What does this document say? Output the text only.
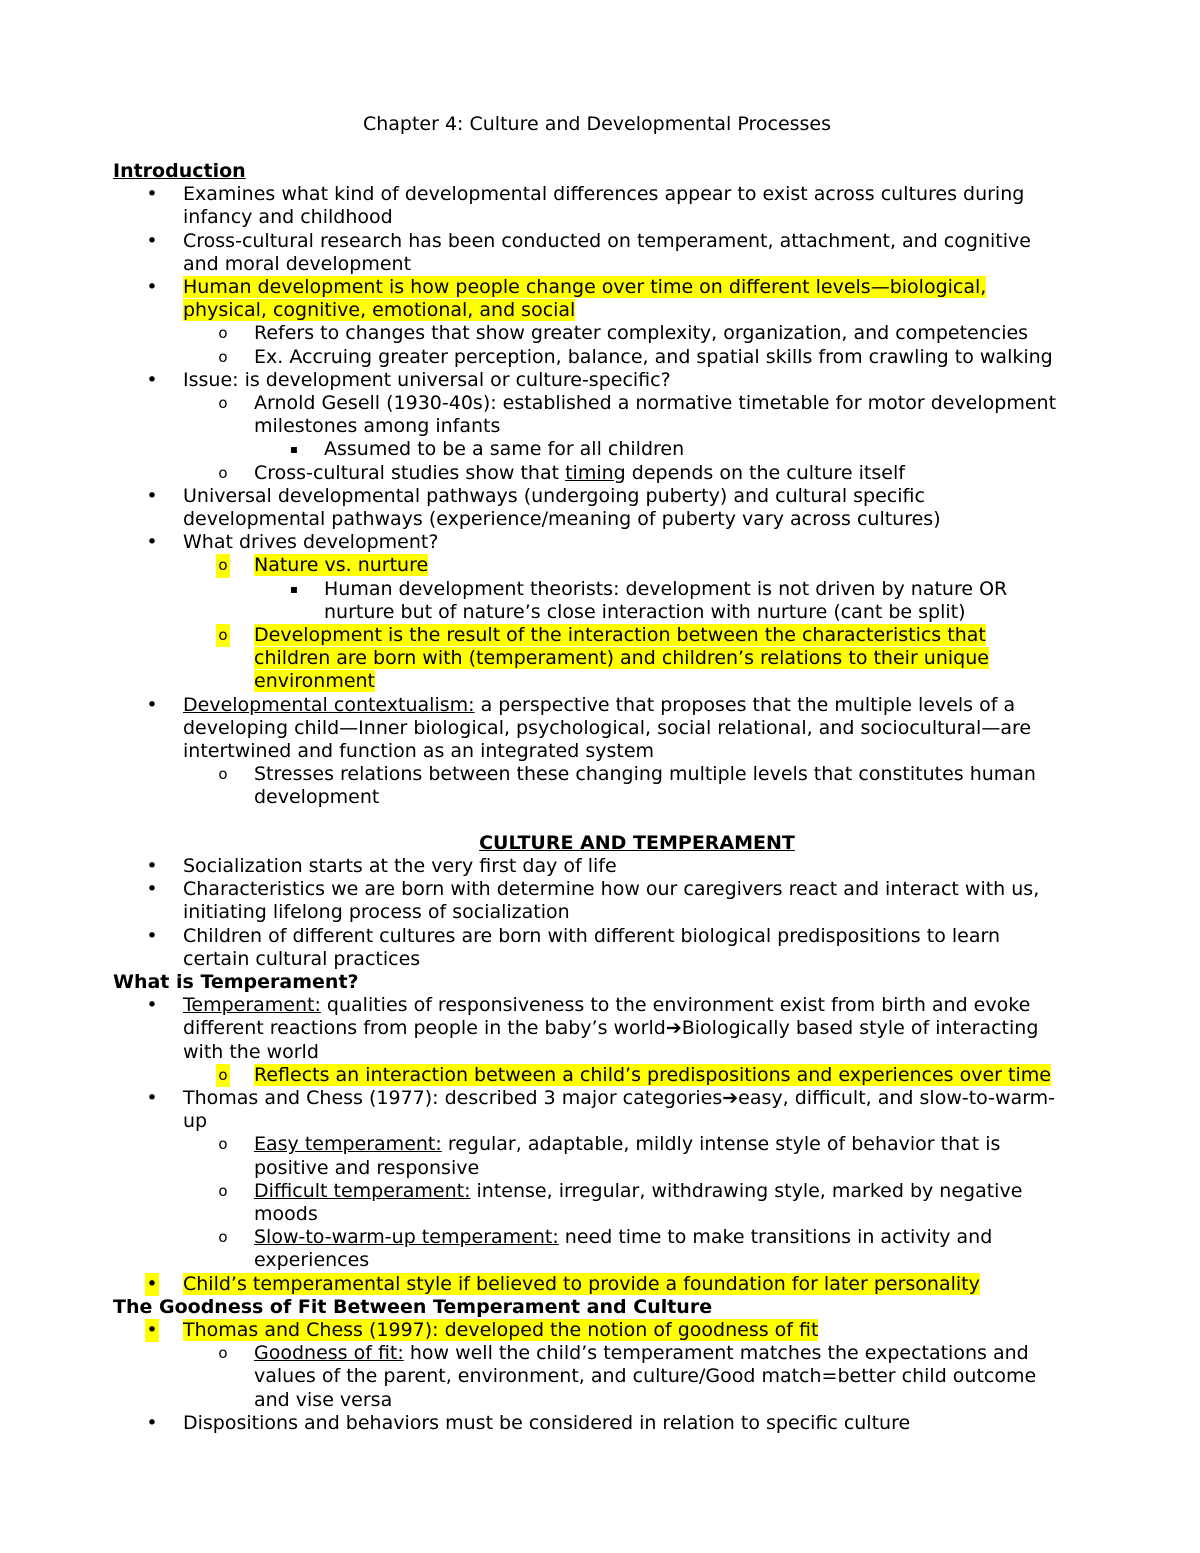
Chapter 4: Culture and Developmental Processes
Introduction
• Examines what kind of developmental differences appear to exist across cultures during
infancy and childhood
• Cross-cultural research has been conducted on temperament, attachment, and cognitive
and moral development
• Human development is how people change over time on different levels—biological,
physical, cognitive, emotional, and social
o Refers to changes that show greater complexity, organization, and competencies
o Ex. Accruing greater perception, balance, and spatial skills from crawling to walking
• Issue: is development universal or culture-specific?
o Arnold Gesell (1930-40s): established a normative timetable for motor development
milestones among infants
▪ Assumed to be a same for all children
o Cross-cultural studies show that timing depends on the culture itself
• Universal developmental pathways (undergoing puberty) and cultural specific
developmental pathways (experience/meaning of puberty vary across cultures)
• What drives development?
o Nature vs. nurture
▪ Human development theorists: development is not driven by nature OR
nurture but of nature’s close interaction with nurture (cant be split)
o Development is the result of the interaction between the characteristics that
children are born with (temperament) and children’s relations to their unique
environment
• Developmental contextualism: a perspective that proposes that the multiple levels of a
developing child—Inner biological, psychological, social relational, and sociocultural—are
intertwined and function as an integrated system
o Stresses relations between these changing multiple levels that constitutes human
development
CULTURE AND TEMPERAMENT
• Socialization starts at the very first day of life
• Characteristics we are born with determine how our caregivers react and interact with us,
initiating lifelong process of socialization
• Children of different cultures are born with different biological predispositions to learn
certain cultural practices
What is Temperament?
• Temperament: qualities of responsiveness to the environment exist from birth and evoke
different reactions from people in the baby’s world➔Biologically based style of interacting
with the world
o Reflects an interaction between a child’s predispositions and experiences over time
• Thomas and Chess (1977): described 3 major categories➔easy, difficult, and slow-to-warm-
up
o Easy temperament: regular, adaptable, mildly intense style of behavior that is
positive and responsive
o Difficult temperament: intense, irregular, withdrawing style, marked by negative
moods
o Slow-to-warm-up temperament: need time to make transitions in activity and
experiences
• Child’s temperamental style if believed to provide a foundation for later personality
The Goodness of Fit Between Temperament and Culture
• Thomas and Chess (1997): developed the notion of goodness of fit
o Goodness of fit: how well the child’s temperament matches the expectations and
values of the parent, environment, and culture/Good match=better child outcome
and vise versa
• Dispositions and behaviors must be considered in relation to specific culture
